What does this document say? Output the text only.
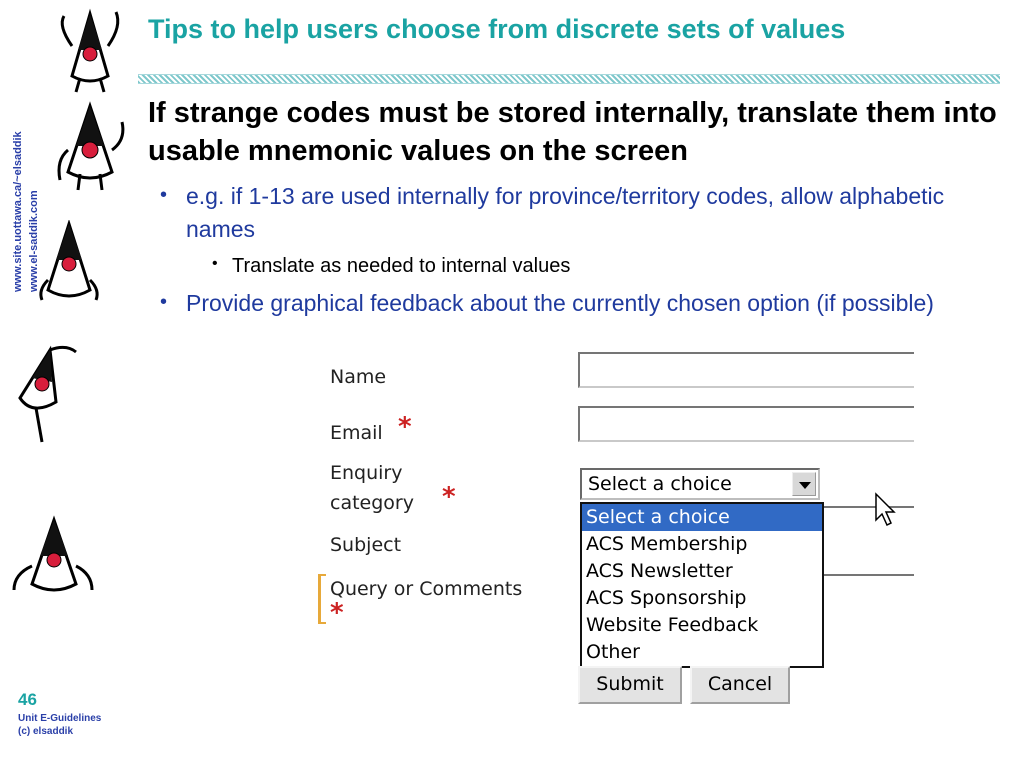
Tips to help users choose from discrete sets of values
www.site.uottawa.ca/~elsaddik www.el-saddik.com
If strange codes must be stored internally, translate them into usable mnemonic values on the screen
• e.g. if 1-13 are used internally for province/territory codes, allow alphabetic names
• Translate as needed to internal values
• Provide graphical feedback about the currently chosen option (if possible)
Name
Email *
Enquiry
category *
Subject
Query or Comments
*
Select a choice
Select a choice
ACS Membership
ACS Newsletter
ACS Sponsorship
Website Feedback
Other
Submit	Cancel
46
Unit E-Guidelines
(c) elsaddik
